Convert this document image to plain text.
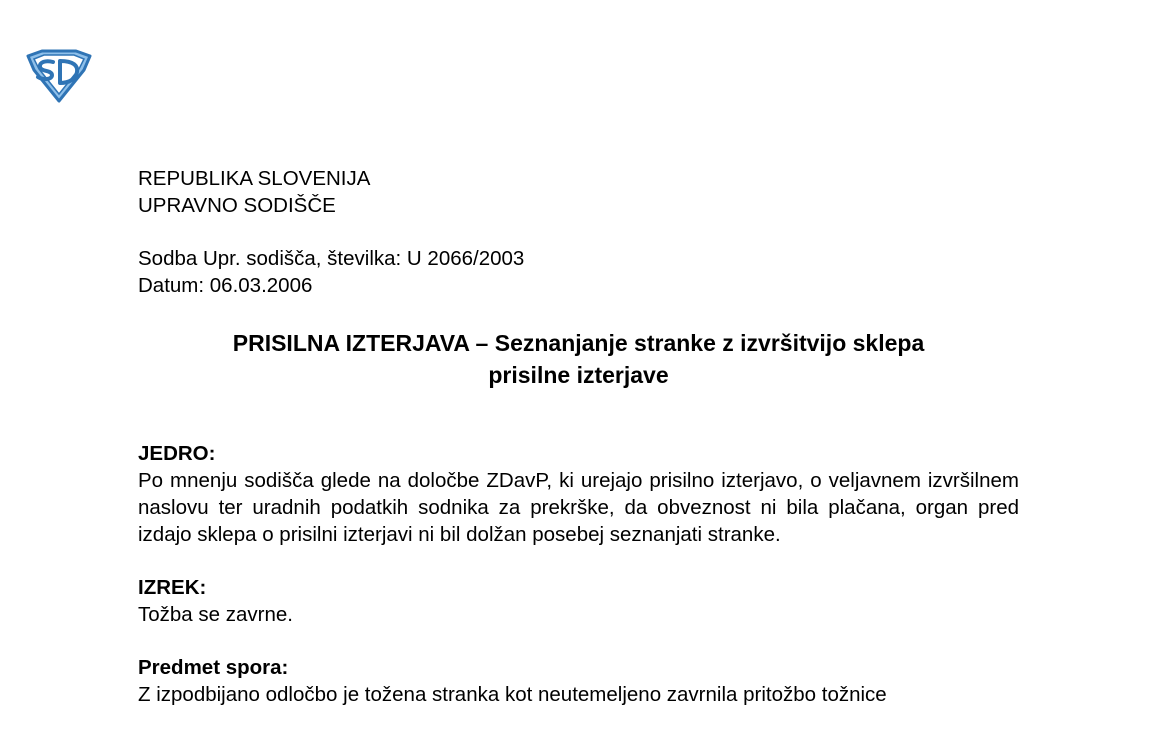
REPUBLIKA SLOVENIJA
UPRAVNO SODIŠČE
Sodba Upr. sodišča, številka: U 2066/2003
Datum: 06.03.2006
PRISILNA IZTERJAVA – Seznanjanje stranke z izvršitvijo sklepa
prisilne izterjave
JEDRO:
Po mnenju sodišča glede na določbe ZDavP, ki urejajo prisilno izterjavo, o veljavnem izvršilnem naslovu ter uradnih podatkih sodnika za prekrške, da obveznost ni bila plačana, organ pred izdajo sklepa o prisilni izterjavi ni bil dolžan posebej seznanjati stranke.
IZREK:
Tožba se zavrne.
Predmet spora:
Z izpodbijano odločbo je tožena stranka kot neutemeljeno zavrnila pritožbo tožnice
